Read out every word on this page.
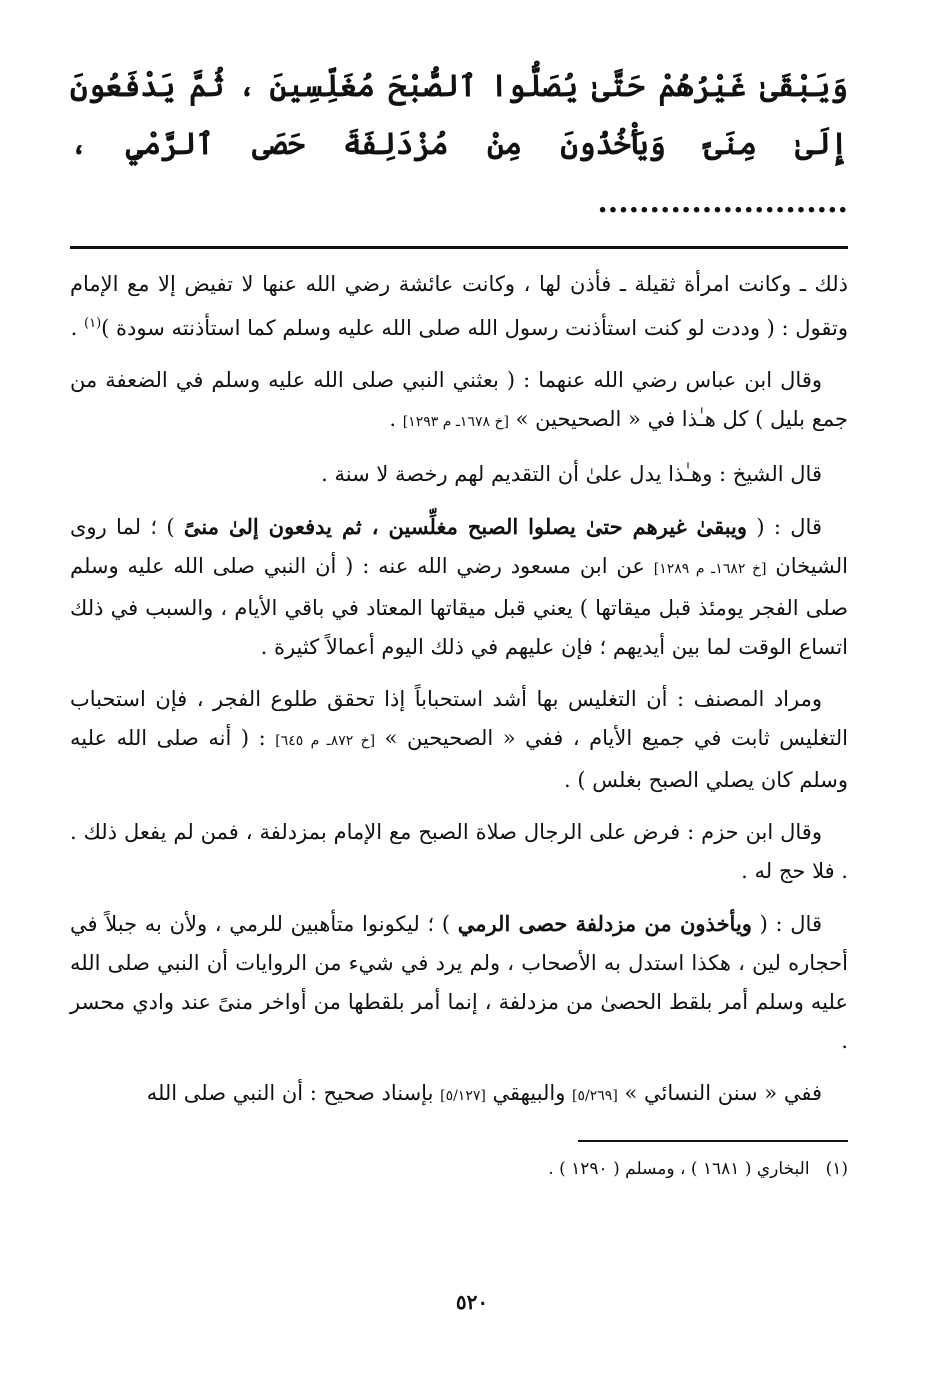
وَيَبْقَىٰ غَيْرُهُمْ حَتَّىٰ يُصَلُّوا ٱلصُّبْحَ مُغَلِّسِينَ ، ثُمَّ يَدْفَعُونَ إِلَىٰ مِنَىً وَيَأْخُذُونَ مِنْ مُزْدَلِفَةَ حَصَى ٱلرَّمْيِ ، ........................

ذلك ـ وكانت امرأة ثقيلة ـ فأذن لها ، وكانت عائشة رضي الله عنها لا تفيض إلا مع الإمام وتقول : ( وددت لو كنت استأذنت رسول الله صلى الله عليه وسلم كما استأذنته سودة )$^{(١)}$ .

وقال ابن عباس رضي الله عنهما : ( بعثني النبي صلى الله عليه وسلم في الضعفة من جمع بليل ) كل هـٰذا في « الصحيحين » [خ ١٦٧٨ـ م ١٢٩٣] .

قال الشيخ : وهـٰذا يدل علىٰ أن التقديم لهم رخصة لا سنة .

قال : ( ويبقىٰ غيرهم حتىٰ يصلوا الصبح مغلِّسين ، ثم يدفعون إلىٰ منىً ) ؛ لما روى الشيخان [خ ١٦٨٢ـ م ١٢٨٩] عن ابن مسعود رضي الله عنه : ( أن النبي صلى الله عليه وسلم صلى الفجر يومئذ قبل ميقاتها ) يعني قبل ميقاتها المعتاد في باقي الأيام ، والسبب في ذلك اتساع الوقت لما بين أيديهم ؛ فإن عليهم في ذلك اليوم أعمالاً كثيرة .

ومراد المصنف : أن التغليس بها أشد استحباباً إذا تحقق طلوع الفجر ، فإن استحباب التغليس ثابت في جميع الأيام ، ففي « الصحيحين » [خ ٨٧٢ـ م ٦٤٥] : ( أنه صلى الله عليه وسلم كان يصلي الصبح بغلس ) .

وقال ابن حزم : فرض على الرجال صلاة الصبح مع الإمام بمزدلفة ، فمن لم يفعل ذلك . . فلا حج له .

قال : ( ويأخذون من مزدلفة حصى الرمي ) ؛ ليكونوا متأهبين للرمي ، ولأن به جبلاً في أحجاره لين ، هكذا استدل به الأصحاب ، ولم يرد في شيء من الروايات أن النبي صلى الله عليه وسلم أمر بلقط الحصىٰ من مزدلفة ، إنما أمر بلقطها من أواخر منىً عند وادي محسر .

ففي « سنن النسائي » [٥/٢٦٩] والبيهقي [٥/١٢٧] بإسناد صحيح : أن النبي صلى الله

(١)البخاري ( ١٦٨١ ) ، ومسلم ( ١٢٩٠ ) .

٥٢٠
